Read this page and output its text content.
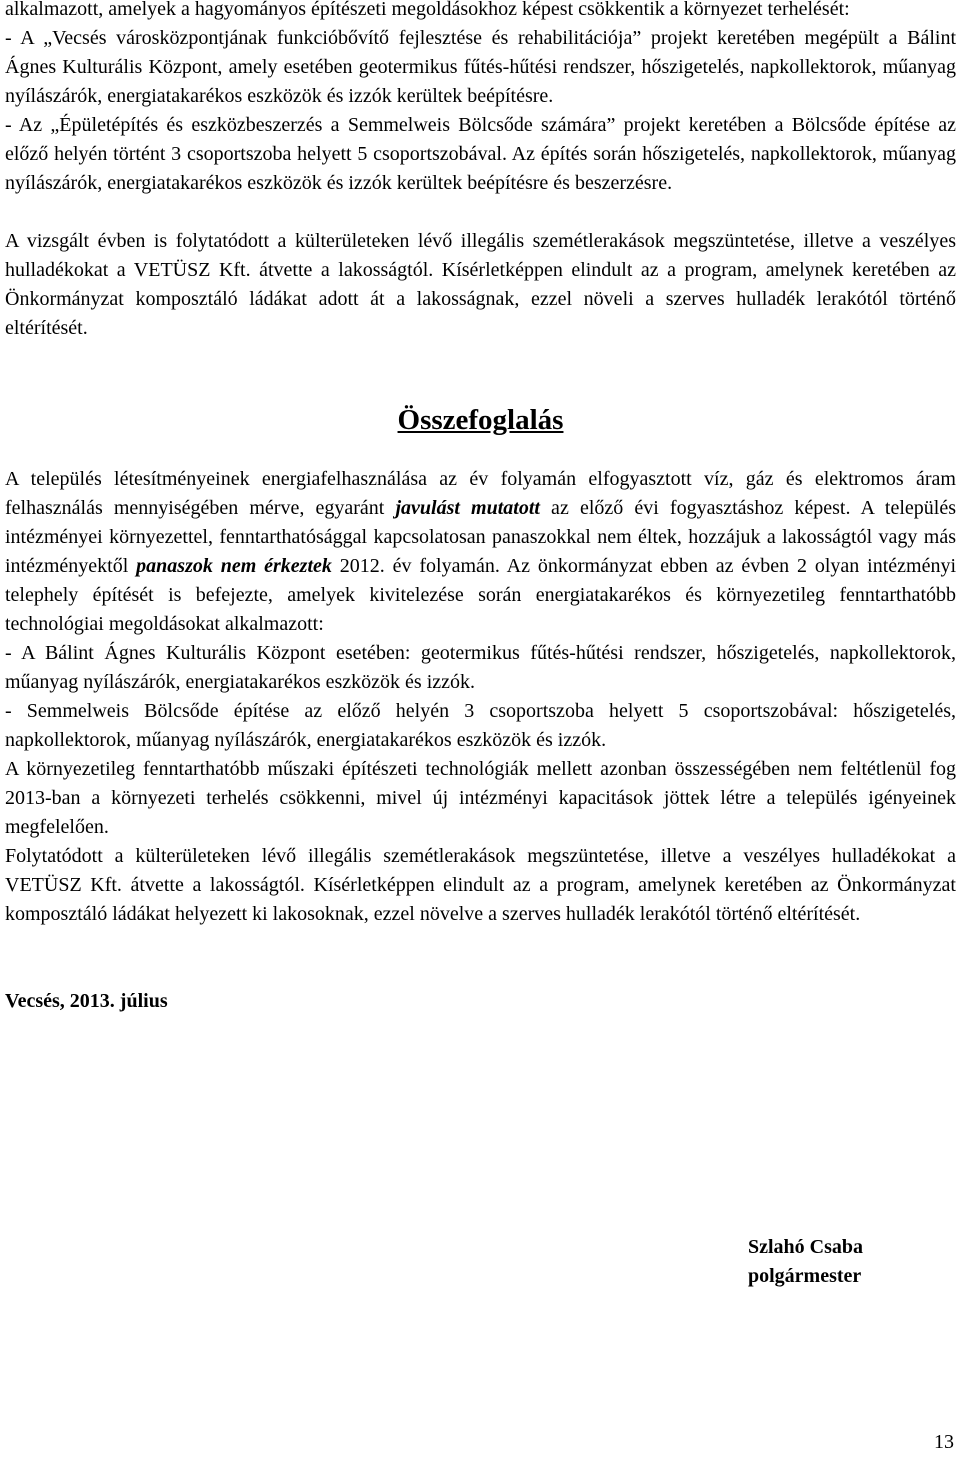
alkalmazott, amelyek a hagyományos építészeti megoldásokhoz képest csökkentik a környezet terhelését:

- A „Vecsés városközpontjának funkcióbővítő fejlesztése és rehabilitációja” projekt keretében megépült a Bálint Ágnes Kulturális Központ, amely esetében geotermikus fűtés-hűtési rendszer, hőszigetelés, napkollektorok, műanyag nyílászárók, energiatakarékos eszközök és izzók kerültek beépítésre.

- Az „Épületépítés és eszközbeszerzés a Semmelweis Bölcsőde számára” projekt keretében a Bölcsőde építése az előző helyén történt 3 csoportszoba helyett 5 csoportszobával. Az építés során hőszigetelés, napkollektorok, műanyag nyílászárók, energiatakarékos eszközök és izzók kerültek beépítésre és beszerzésre.

A vizsgált évben is folytatódott a külterületeken lévő illegális szemétlerakások megszüntetése, illetve a veszélyes hulladékokat a VETÜSZ Kft. átvette a lakosságtól. Kísérletképpen elindult az a program, amelynek keretében az Önkormányzat komposztáló ládákat adott át a lakosságnak, ezzel növeli a szerves hulladék lerakótól történő eltérítését.

Összefoglalás

A település létesítményeinek energiafelhasználása az év folyamán elfogyasztott víz, gáz és elektromos áram felhasználás mennyiségében mérve, egyaránt javulást mutatott az előző évi fogyasztáshoz képest. A település intézményei környezettel, fenntarthatósággal kapcsolatosan panaszokkal nem éltek, hozzájuk a lakosságtól vagy más intézményektől panaszok nem érkeztek 2012. év folyamán. Az önkormányzat ebben az évben 2 olyan intézményi telephely építését is befejezte, amelyek kivitelezése során energiatakarékos és környezetileg fenntarthatóbb technológiai megoldásokat alkalmazott:

- A Bálint Ágnes Kulturális Központ esetében: geotermikus fűtés-hűtési rendszer, hőszigetelés, napkollektorok, műanyag nyílászárók, energiatakarékos eszközök és izzók.

- Semmelweis Bölcsőde építése az előző helyén 3 csoportszoba helyett 5 csoportszobával: hőszigetelés, napkollektorok, műanyag nyílászárók, energiatakarékos eszközök és izzók.

A környezetileg fenntarthatóbb műszaki építészeti technológiák mellett azonban összességében nem feltétlenül fog 2013-ban a környezeti terhelés csökkenni, mivel új intézményi kapacitások jöttek létre a település igényeinek megfelelően.

Folytatódott a külterületeken lévő illegális szemétlerakások megszüntetése, illetve a veszélyes hulladékokat a VETÜSZ Kft. átvette a lakosságtól. Kísérletképpen elindult az a program, amelynek keretében az Önkormányzat komposztáló ládákat helyezett ki lakosoknak, ezzel növelve a szerves hulladék lerakótól történő eltérítését.

Vecsés, 2013. július

Szlahó Csaba
polgármester
13
